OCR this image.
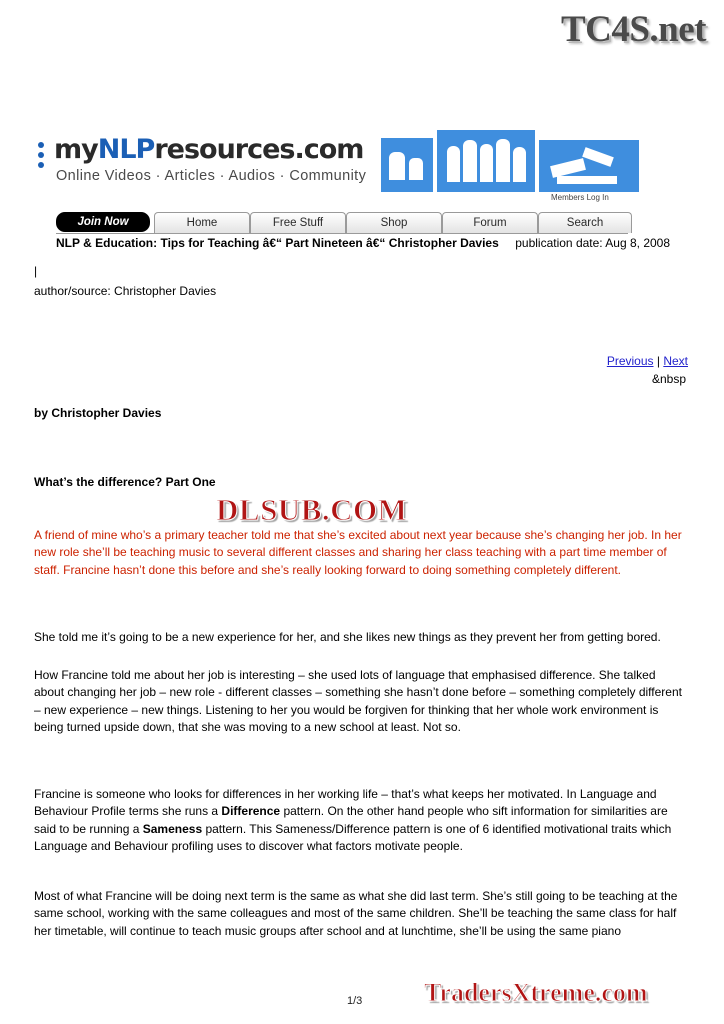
TC4S.net
myNLPresources.com
Online Videos · Articles · Audios · Community
Members Log In
Join Now	Home	Free Stuff	Shop	Forum	Search
NLP & Education: Tips for Teaching â€“ Part Nineteen â€“ Christopher Davies publication date: Aug 8, 2008
|
author/source: Christopher Davies
Previous | Next
&nbsp
by Christopher Davies
What’s the difference? Part One
DLSUB.COM
A friend of mine who’s a primary teacher told me that she’s excited about next year because she’s changing her job. In her new role she’ll be teaching music to several different classes and sharing her class teaching with a part time member of staff. Francine hasn’t done this before and she’s really looking forward to doing something completely different.
She told me it’s going to be a new experience for her, and she likes new things as they prevent her from getting bored.
How Francine told me about her job is interesting – she used lots of language that emphasised difference. She talked about changing her job – new role - different classes – something she hasn’t done before – something completely different – new experience – new things. Listening to her you would be forgiven for thinking that her whole work environment is being turned upside down, that she was moving to a new school at least. Not so.
Francine is someone who looks for differences in her working life – that’s what keeps her motivated. In Language and Behaviour Profile terms she runs a Difference pattern. On the other hand people who sift information for similarities are said to be running a Sameness pattern. This Sameness/Difference pattern is one of 6 identified motivational traits which Language and Behaviour profiling uses to discover what factors motivate people.
Most of what Francine will be doing next term is the same as what she did last term. She’s still going to be teaching at the same school, working with the same colleagues and most of the same children. She’ll be teaching the same class for half her timetable, will continue to teach music groups after school and at lunchtime, she’ll be using the same piano
1/3 TradersXtreme.com
